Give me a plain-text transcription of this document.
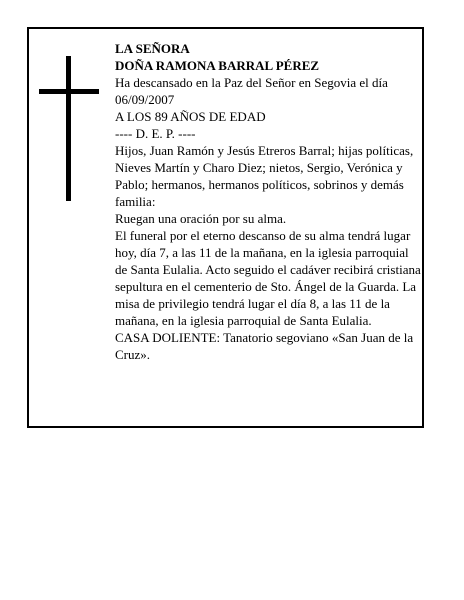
LA SEÑORA

DOÑA RAMONA BARRAL PÉREZ

Ha descansado en la Paz del Señor en Segovia el día 06/09/2007

A LOS 89 AÑOS DE EDAD

---- D. E. P. ----

Hijos, Juan Ramón y Jesús Etreros Barral; hijas políticas, Nieves Martín y Charo Diez; nietos, Sergio, Verónica y Pablo; hermanos, hermanos políticos, sobrinos y demás familia:

Ruegan una oración por su alma.

El funeral por el eterno descanso de su alma tendrá lugar hoy, día 7, a las 11 de la mañana, en la iglesia parroquial de Santa Eulalia. Acto seguido el cadáver recibirá cristiana sepultura en el cementerio de Sto. Ángel de la Guarda. La misa de privilegio tendrá lugar el día 8, a las 11 de la mañana, en la iglesia parroquial de Santa Eulalia.

CASA DOLIENTE: Tanatorio segoviano «San Juan de la Cruz».
